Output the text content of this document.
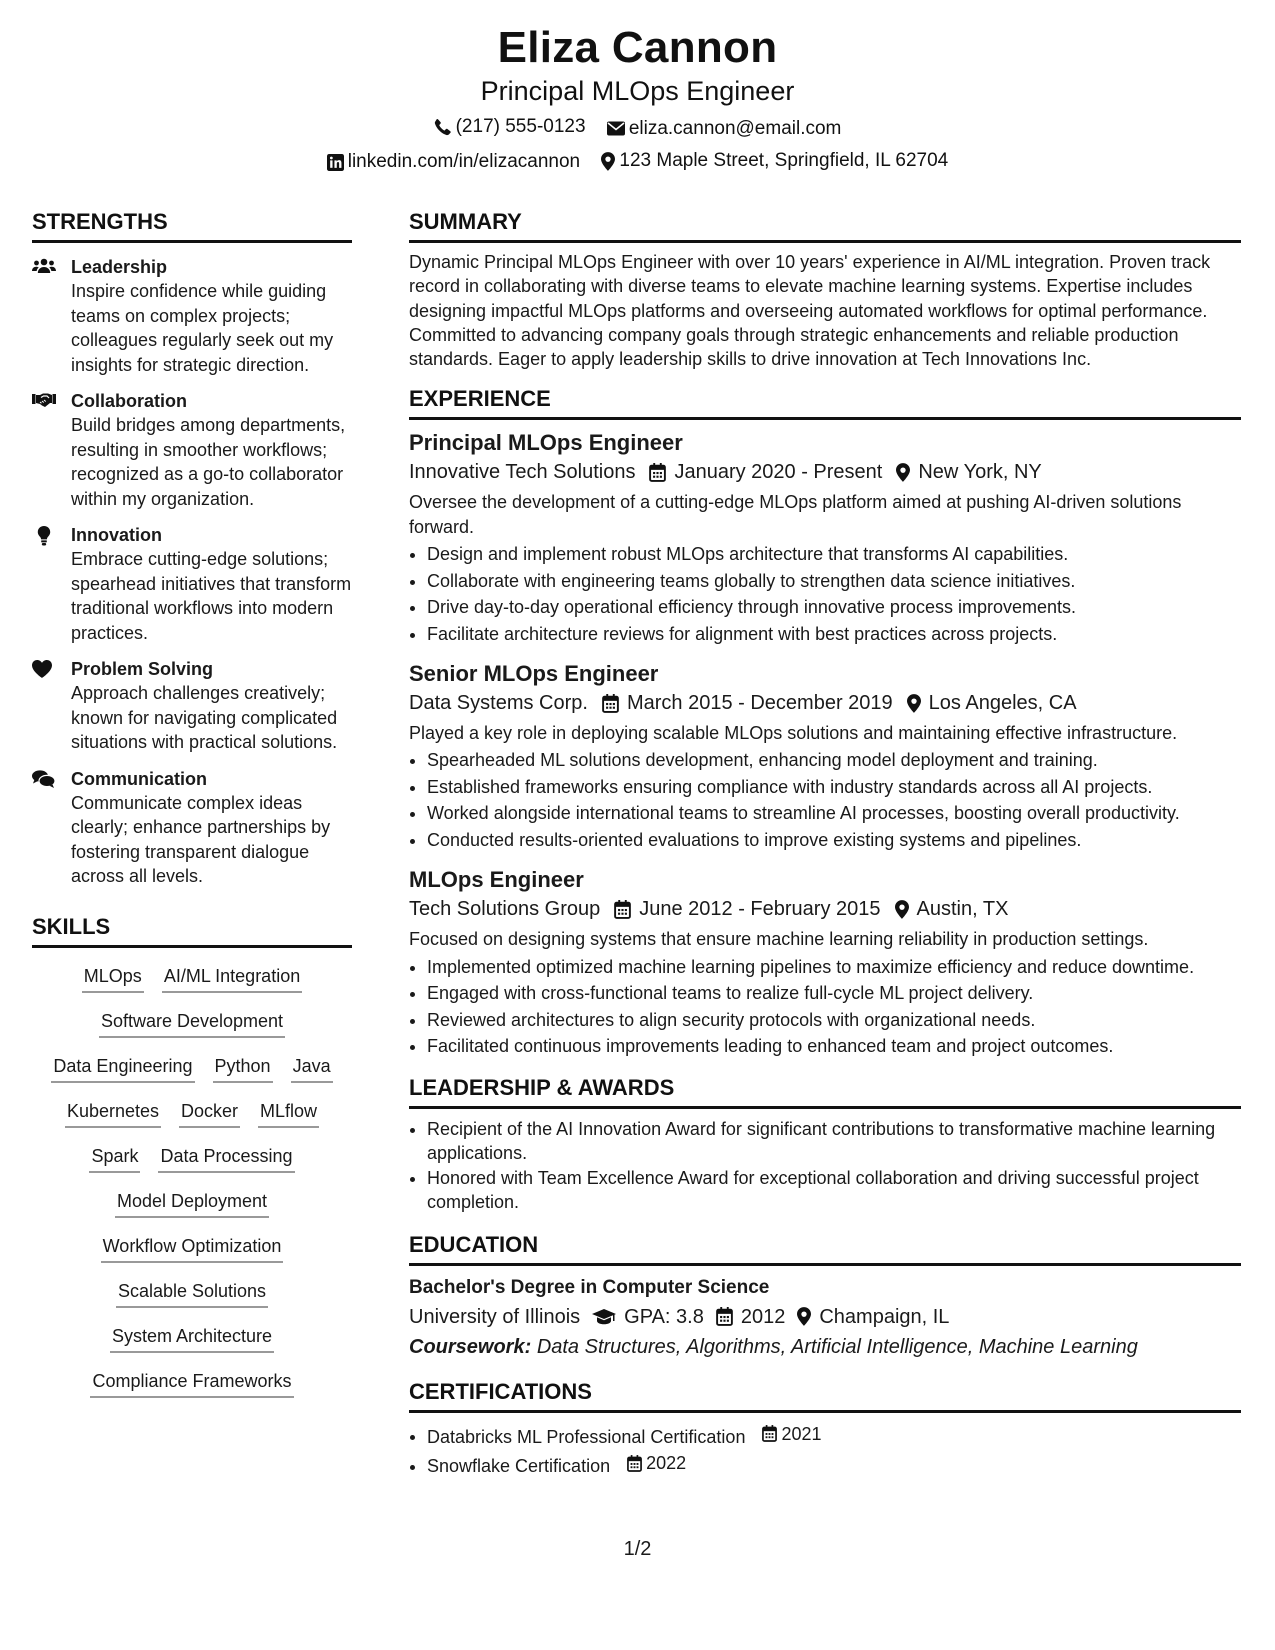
Eliza Cannon
Principal MLOps Engineer
(217) 555-0123
eliza.cannon@email.com
linkedin.com/in/elizacannon
123 Maple Street, Springfield, IL 62704
STRENGTHS
Leadership
Inspire confidence while guiding teams on complex projects; colleagues regularly seek out my insights for strategic direction.
Collaboration
Build bridges among departments, resulting in smoother workflows; recognized as a go-to collaborator within my organization.
Innovation
Embrace cutting-edge solutions; spearhead initiatives that transform traditional workflows into modern practices.
Problem Solving
Approach challenges creatively; known for navigating complicated situations with practical solutions.
Communication
Communicate complex ideas clearly; enhance partnerships by fostering transparent dialogue across all levels.
SKILLS
MLOps AI/ML Integration
Software Development
Data Engineering Python Java
Kubernetes Docker MLflow
Spark Data Processing
Model Deployment
Workflow Optimization
Scalable Solutions
System Architecture
Compliance Frameworks
SUMMARY
Dynamic Principal MLOps Engineer with over 10 years' experience in AI/ML integration. Proven track record in collaborating with diverse teams to elevate machine learning systems. Expertise includes designing impactful MLOps platforms and overseeing automated workflows for optimal performance. Committed to advancing company goals through strategic enhancements and reliable production standards. Eager to apply leadership skills to drive innovation at Tech Innovations Inc.
EXPERIENCE
Principal MLOps Engineer
Innovative Tech Solutions January 2020 - Present New York, NY
Oversee the development of a cutting-edge MLOps platform aimed at pushing AI-driven solutions forward.
• Design and implement robust MLOps architecture that transforms AI capabilities.
• Collaborate with engineering teams globally to strengthen data science initiatives.
• Drive day-to-day operational efficiency through innovative process improvements.
• Facilitate architecture reviews for alignment with best practices across projects.
Senior MLOps Engineer
Data Systems Corp. March 2015 - December 2019 Los Angeles, CA
Played a key role in deploying scalable MLOps solutions and maintaining effective infrastructure.
• Spearheaded ML solutions development, enhancing model deployment and training.
• Established frameworks ensuring compliance with industry standards across all AI projects.
• Worked alongside international teams to streamline AI processes, boosting overall productivity.
• Conducted results-oriented evaluations to improve existing systems and pipelines.
MLOps Engineer
Tech Solutions Group June 2012 - February 2015 Austin, TX
Focused on designing systems that ensure machine learning reliability in production settings.
• Implemented optimized machine learning pipelines to maximize efficiency and reduce downtime.
• Engaged with cross-functional teams to realize full-cycle ML project delivery.
• Reviewed architectures to align security protocols with organizational needs.
• Facilitated continuous improvements leading to enhanced team and project outcomes.
LEADERSHIP & AWARDS
• Recipient of the AI Innovation Award for significant contributions to transformative machine learning applications.
• Honored with Team Excellence Award for exceptional collaboration and driving successful project completion.
EDUCATION
Bachelor's Degree in Computer Science
University of Illinois GPA: 3.8 2012 Champaign, IL
Coursework: Data Structures, Algorithms, Artificial Intelligence, Machine Learning
CERTIFICATIONS
• Databricks ML Professional Certification 2021
• Snowflake Certification 2022
1/2
